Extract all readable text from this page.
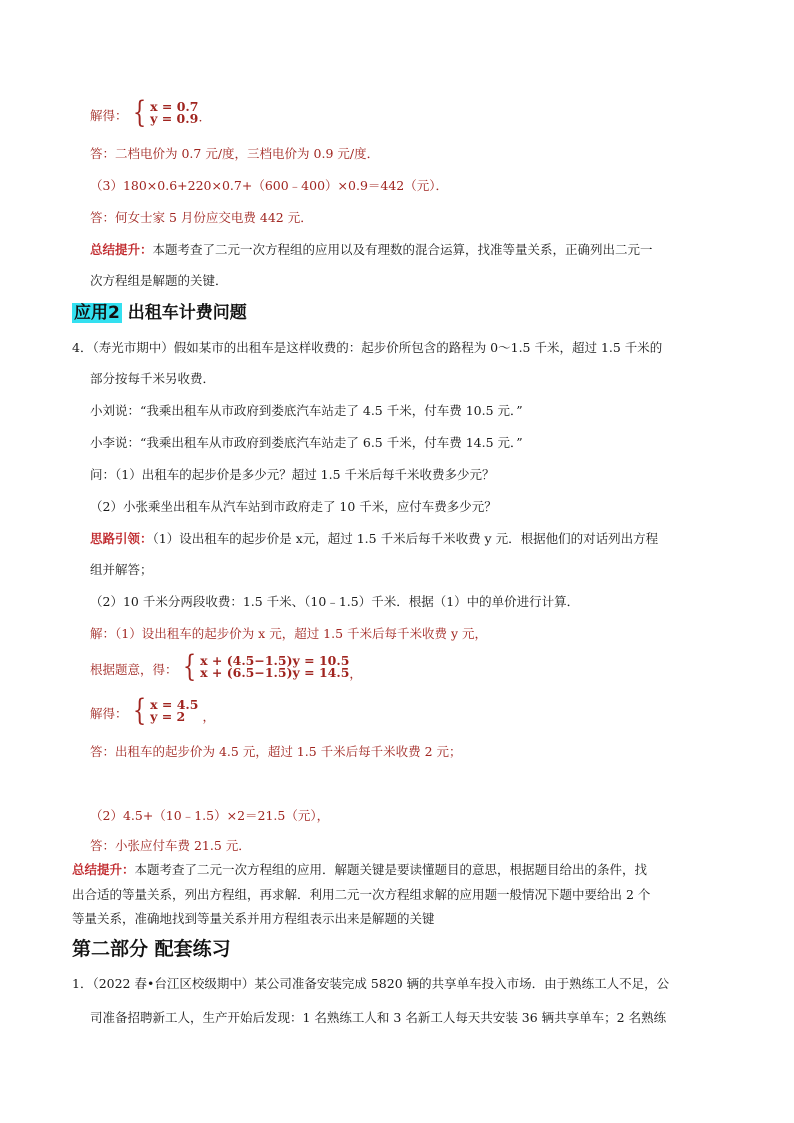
解得： { x = 0.7
y = 0.9 ·
答：二档电价为 0.7 元/度，三档电价为 0.9 元/度．
（3）180×0.6+220×0.7+（600﹣400）×0.9＝442（元）．
答：何女士家 5 月份应交电费 442 元．
总结提升：本题考查了二元一次方程组的应用以及有理数的混合运算，找准等量关系，正确列出二元一
次方程组是解题的关键．
应用2 出租车计费问题
4．（寿光市期中）假如某市的出租车是这样收费的：起步价所包含的路程为 0～1.5 千米，超过 1.5 千米的
部分按每千米另收费．
小刘说：“我乘出租车从市政府到娄底汽车站走了 4.5 千米，付车费 10.5 元．”
小李说：“我乘出租车从市政府到娄底汽车站走了 6.5 千米，付车费 14.5 元．”
问：（1）出租车的起步价是多少元？超过 1.5 千米后每千米收费多少元？
（2）小张乘坐出租车从汽车站到市政府走了 10 千米，应付车费多少元？
思路引领：（1）设出租车的起步价是 x元，超过 1.5 千米后每千米收费 y 元．根据他们的对话列出方程
组并解答；
（2）10 千米分两段收费：1.5 千米、（10﹣1.5）千米．根据（1）中的单价进行计算．
解：（1）设出租车的起步价为 x 元，超过 1.5 千米后每千米收费 y 元，
根据题意，得： { x + (4.5−1.5)y = 10.5
x + (6.5−1.5)y = 14.5 ，
解得： { x = 4.5
y = 2	，
答：出租车的起步价为 4.5 元，超过 1.5 千米后每千米收费 2 元；
（2）4.5+（10﹣1.5）×2＝21.5（元），
答：小张应付车费 21.5 元．
总结提升：本题考查了二元一次方程组的应用．解题关键是要读懂题目的意思，根据题目给出的条件，找
出合适的等量关系，列出方程组，再求解．利用二元一次方程组求解的应用题一般情况下题中要给出 2 个
等量关系，准确地找到等量关系并用方程组表示出来是解题的关键
第二部分 配套练习
1．（2022 春•台江区校级期中）某公司准备安装完成 5820 辆的共享单车投入市场．由于熟练工人不足，公
司准备招聘新工人，生产开始后发现：1 名熟练工人和 3 名新工人每天共安装 36 辆共享单车；2 名熟练
